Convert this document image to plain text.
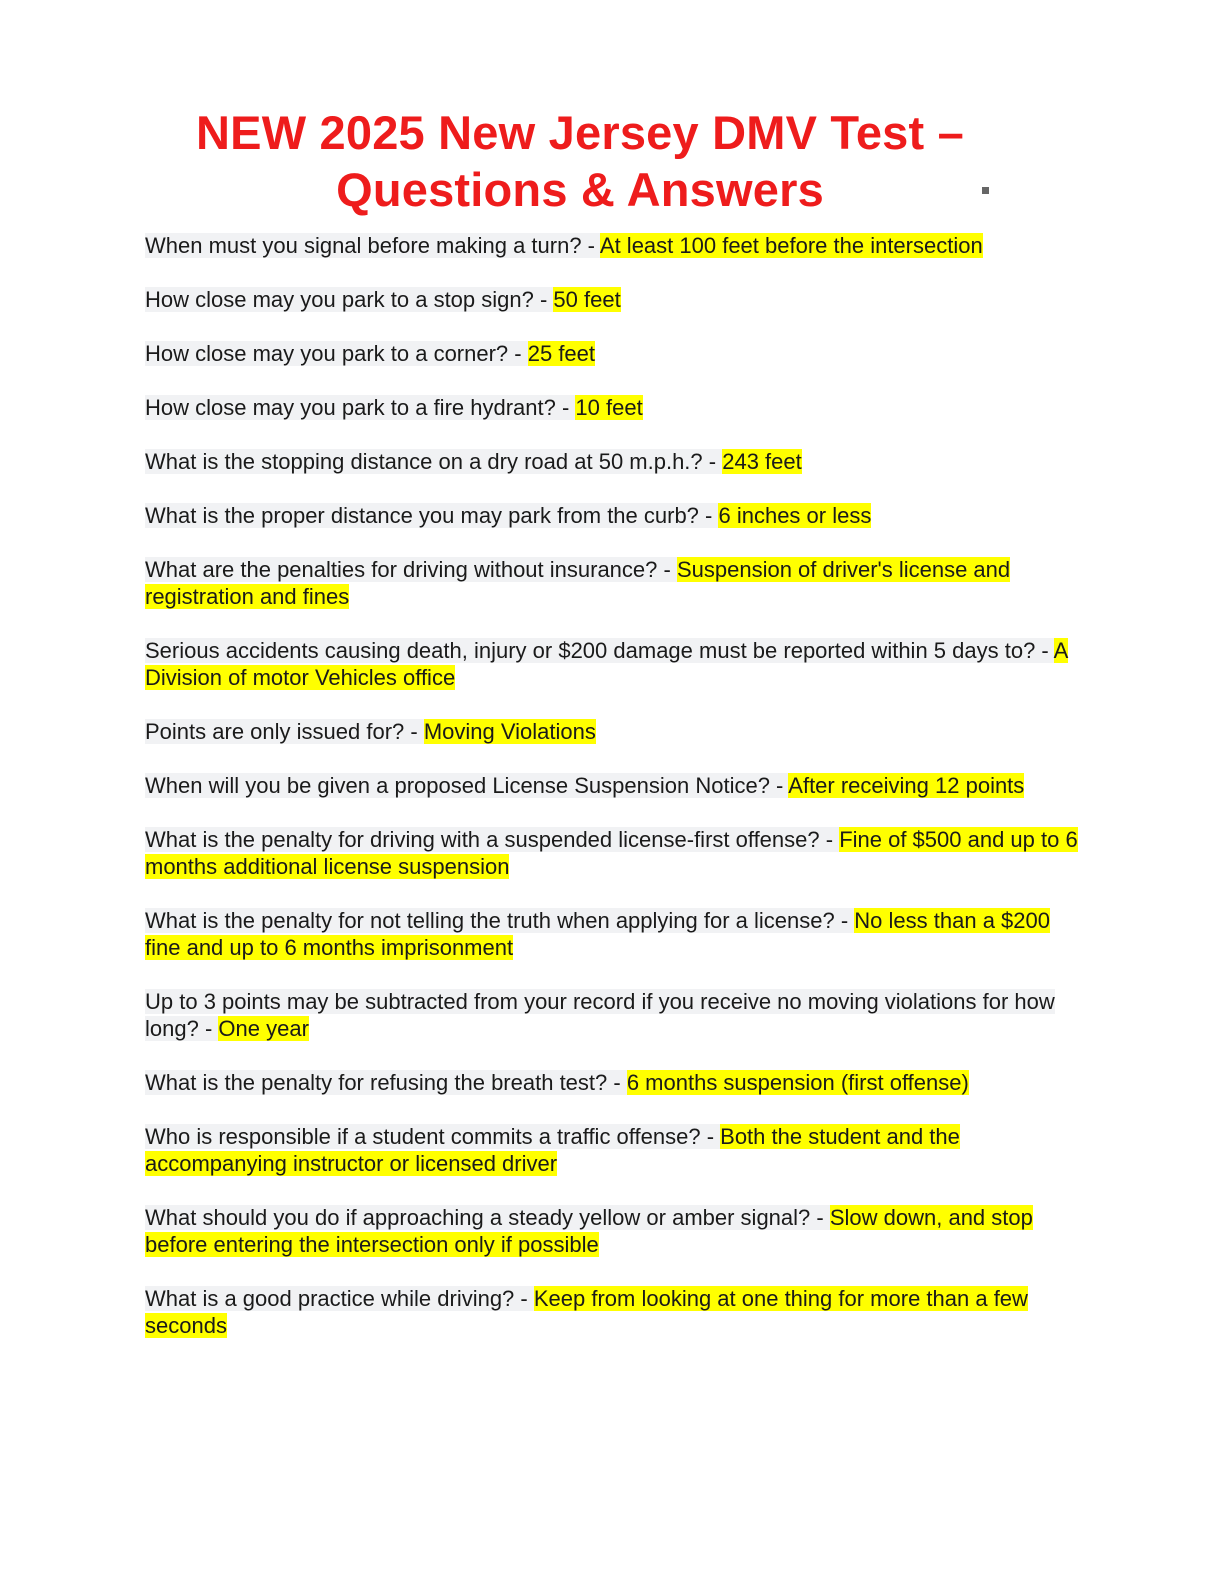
NEW 2025 New Jersey DMV Test –
Questions & Answers

When must you signal before making a turn? - At least 100 feet before the intersection

How close may you park to a stop sign? - 50 feet

How close may you park to a corner? - 25 feet

How close may you park to a fire hydrant? - 10 feet

What is the stopping distance on a dry road at 50 m.p.h.? - 243 feet

What is the proper distance you may park from the curb? - 6 inches or less

What are the penalties for driving without insurance? - Suspension of driver's license and registration and fines

Serious accidents causing death, injury or $200 damage must be reported within 5 days to? - A Division of motor Vehicles office

Points are only issued for? - Moving Violations

When will you be given a proposed License Suspension Notice? - After receiving 12 points

What is the penalty for driving with a suspended license-first offense? - Fine of $500 and up to 6 months additional license suspension

What is the penalty for not telling the truth when applying for a license? - No less than a $200 fine and up to 6 months imprisonment

Up to 3 points may be subtracted from your record if you receive no moving violations for how long? - One year

What is the penalty for refusing the breath test? - 6 months suspension (first offense)

Who is responsible if a student commits a traffic offense? - Both the student and the accompanying instructor or licensed driver

What should you do if approaching a steady yellow or amber signal? - Slow down, and stop before entering the intersection only if possible

What is a good practice while driving? - Keep from looking at one thing for more than a few seconds
